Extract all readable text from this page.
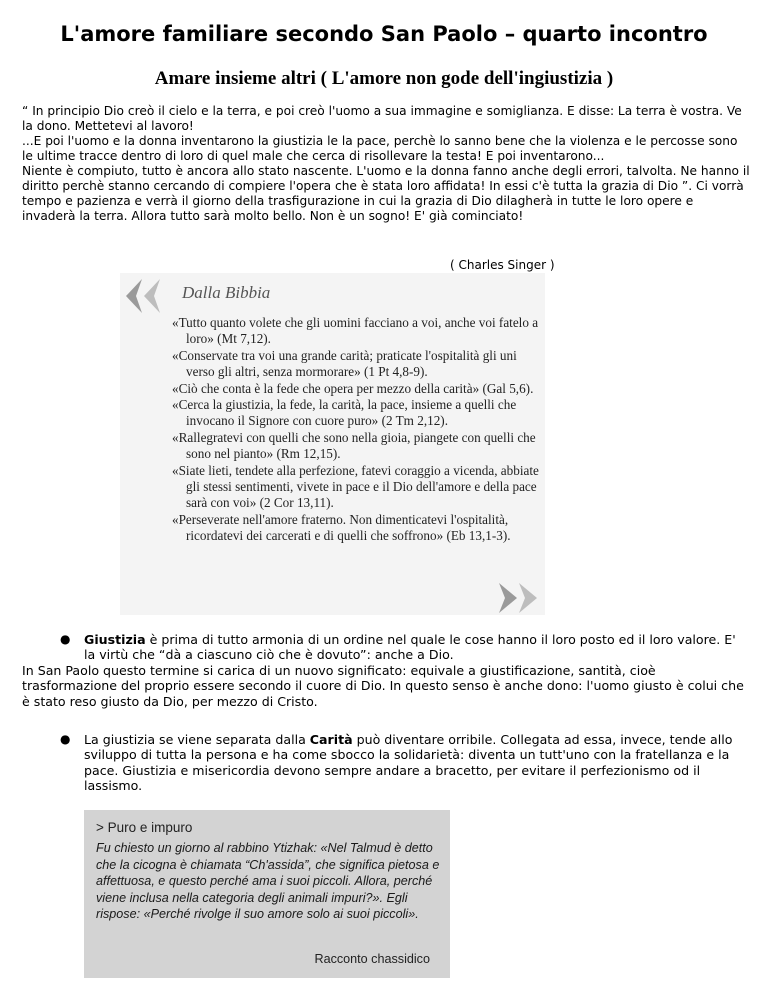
L'amore familiare secondo San Paolo – quarto incontro
Amare insieme altri ( L'amore non gode dell'ingiustizia )

“ In principio Dio creò il cielo e la terra, e poi creò l'uomo a sua immagine e somiglianza. E disse: La terra è vostra. Ve la dono. Mettetevi al lavoro!

...E poi l'uomo e la donna inventarono la giustizia le la pace, perchè lo sanno bene che la violenza e le percosse sono le ultime tracce dentro di loro di quel male che cerca di risollevare la testa! E poi inventarono...

Niente è compiuto, tutto è ancora allo stato nascente. L'uomo e la donna fanno anche degli errori, talvolta. Ne hanno il diritto perchè stanno cercando di compiere l'opera che è stata loro affidata! In essi c'è tutta la grazia di Dio ”. Ci vorrà tempo e pazienza e verrà il giorno della trasfigurazione in cui la grazia di Dio dilagherà in tutte le loro opere e invaderà la terra. Allora tutto sarà molto bello. Non è un sogno! E' già cominciato!

( Charles Singer )
Dalla Bibbia
«Tutto quanto volete che gli uomini facciano a voi, anche voi fatelo a loro» (Mt 7,12).
«Conservate tra voi una grande carità; praticate l'ospitalità gli uni verso gli altri, senza mormorare» (1 Pt 4,8-9).
«Ciò che conta è la fede che opera per mezzo della carità» (Gal 5,6).
«Cerca la giustizia, la fede, la carità, la pace, insieme a quelli che invocano il Signore con cuore puro» (2 Tm 2,12).
«Rallegratevi con quelli che sono nella gioia, piangete con quelli che sono nel pianto» (Rm 12,15).
«Siate lieti, tendete alla perfezione, fatevi coraggio a vicenda, abbiate gli stessi sentimenti, vivete in pace e il Dio dell'amore e della pace sarà con voi» (2 Cor 13,11).
«Perseverate nell'amore fraterno. Non dimenticatevi l'ospitalità, ricordatevi dei carcerati e di quelli che soffrono» (Eb 13,1-3).
● Giustizia è prima di tutto armonia di un ordine nel quale le cose hanno il loro posto ed il loro valore. E' la virtù che “dà a ciascuno ciò che è dovuto”: anche a Dio.
In San Paolo questo termine si carica di un nuovo significato: equivale a giustificazione, santità, cioè trasformazione del proprio essere secondo il cuore di Dio. In questo senso è anche dono: l'uomo giusto è colui che è stato reso giusto da Dio, per mezzo di Cristo.
● La giustizia se viene separata dalla Carità può diventare orribile. Collegata ad essa, invece, tende allo sviluppo di tutta la persona e ha come sbocco la solidarietà: diventa un tutt'uno con la fratellanza e la pace. Giustizia e misericordia devono sempre andare a bracetto, per evitare il perfezionismo od il lassismo.
> Puro e impuro
Fu chiesto un giorno al rabbino Ytizhak: «Nel Talmud è detto che la cicogna è chiamata “Ch'assida”, che significa pietosa e affettuosa, e questo perché ama i suoi piccoli. Allora, perché viene inclusa nella categoria degli animali impuri?». Egli rispose: «Perché rivolge il suo amore solo ai suoi piccoli».
Racconto chassidico
